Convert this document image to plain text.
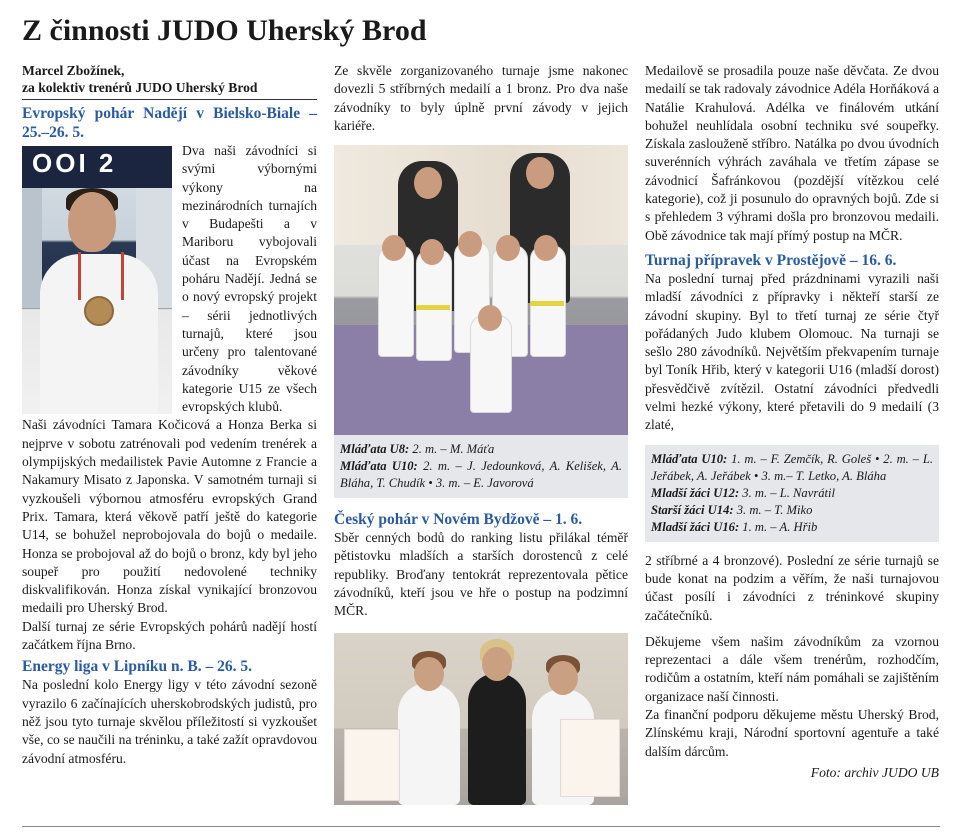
Z činnosti JUDO Uherský Brod
Marcel Zbožínek,
za kolektiv trenérů JUDO Uherský Brod
Evropský pohár Nadějí v Bielsko-Biale – 25.–26. 5.
OOI 2	Dva naši závodníci si svými výbornými výkony na mezinárodních turnajích v Budapešti a v Mariboru vybojovali účast na Evropském poháru Nadějí. Jedná se o nový evropský projekt – sérii jednotlivých turnajů, které jsou určeny pro talentované závodníky věkové kategorie U15 ze všech evropských klubů.

Naši závodníci Tamara Kočicová a Honza Berka si nejprve v sobotu zatrénovali pod vedením trenérek a olympijských medailistek Pavie Automne z Francie a Nakamury Misato z Japonska. V samotném turnaji si vyzkoušeli výbornou atmosféru evropských Grand Prix. Tamara, která věkově patří ještě do kategorie U14, se bohužel neprobojovala do bojů o medaile. Honza se probojoval až do bojů o bronz, kdy byl jeho soupeř pro použití nedovolené techniky diskvalifikován. Honza získal vynikající bronzovou medaili pro Uherský Brod.

Další turnaj ze série Evropských pohárů nadějí hostí začátkem října Brno.

Energy liga v Lipníku n. B. – 26. 5.

Na poslední kolo Energy ligy v této závodní sezoně vyrazilo 6 začínajících uherskobrodských judistů, pro něž jsou tyto turnaje skvělou příležitostí si vyzkoušet vše, co se naučili na tréninku, a také zažít opravdovou závodní atmosféru.

Ze skvěle zorganizovaného turnaje jsme nakonec dovezli 5 stříbrných medailí a 1 bronz. Pro dva naše závodníky to byly úplně první závody v jejich kariéře.

Mláďata U8: 2. m. – M. Máťa
Mláďata U10: 2. m. – J. Jedounková, A. Kelišek, A. Bláha, T. Chudík • 3. m. – E. Javorová
Český pohár v Novém Bydžově – 1. 6.

Sběr cenných bodů do ranking listu přilákal téměř pětistovku mladších a starších dorostenců z celé republiky. Broďany tentokrát reprezentovala pětice závodníků, kteří jsou ve hře o postup na podzimní MČR.

Medailově se prosadila pouze naše děvčata. Ze dvou medailí se tak radovaly závodnice Adéla Horňáková a Natálie Krahulová. Adélka ve finálovém utkání bohužel neuhlídala osobní techniku své soupeřky. Získala zaslouženě stříbro. Natálka po dvou úvodních suverénních výhrách zaváhala ve třetím zápase se závodnicí Šafránkovou (pozdější vítězkou celé kategorie), což ji posunulo do opravných bojů. Zde si s přehledem 3 výhrami došla pro bronzovou medaili. Obě závodnice tak mají přímý postup na MČR.

Turnaj přípravek v Prostějově – 16. 6.

Na poslední turnaj před prázdninami vyrazili naši mladší závodníci z přípravky i někteří starší ze závodní skupiny. Byl to třetí turnaj ze série čtyř pořádaných Judo klubem Olomouc. Na turnaji se sešlo 280 závodníků. Největším překvapením turnaje byl Toník Hřib, který v kategorii U16 (mladší dorost) přesvědčivě zvítězil. Ostatní závodníci předvedli velmi hezké výkony, které přetavili do 9 medailí (3 zlaté,

Mláďata U10: 1. m. – F. Zemčík, R. Goleš • 2. m. – L. Jeřábek, A. Jeřábek • 3. m.– T. Letko, A. Bláha
Mladší žáci U12: 3. m. – L. Navrátil
Starší žáci U14: 3. m. – T. Miko
Mladší žáci U16: 1. m. – A. Hřib

2 stříbrné a 4 bronzové). Poslední ze série turnajů se bude konat na podzim a věřím, že naši turnajovou účast posílí i závodníci z tréninkové skupiny začátečníků.

Děkujeme všem našim závodníkům za vzornou reprezentaci a dále všem trenérům, rozhodčím, rodičům a ostatním, kteří nám pomáhali se zajištěním organizace naší činnosti.

Za finanční podporu děkujeme městu Uherský Brod, Zlínskému kraji, Národní sportovní agentuře a také dalším dárcům.

Foto: archiv JUDO UB
